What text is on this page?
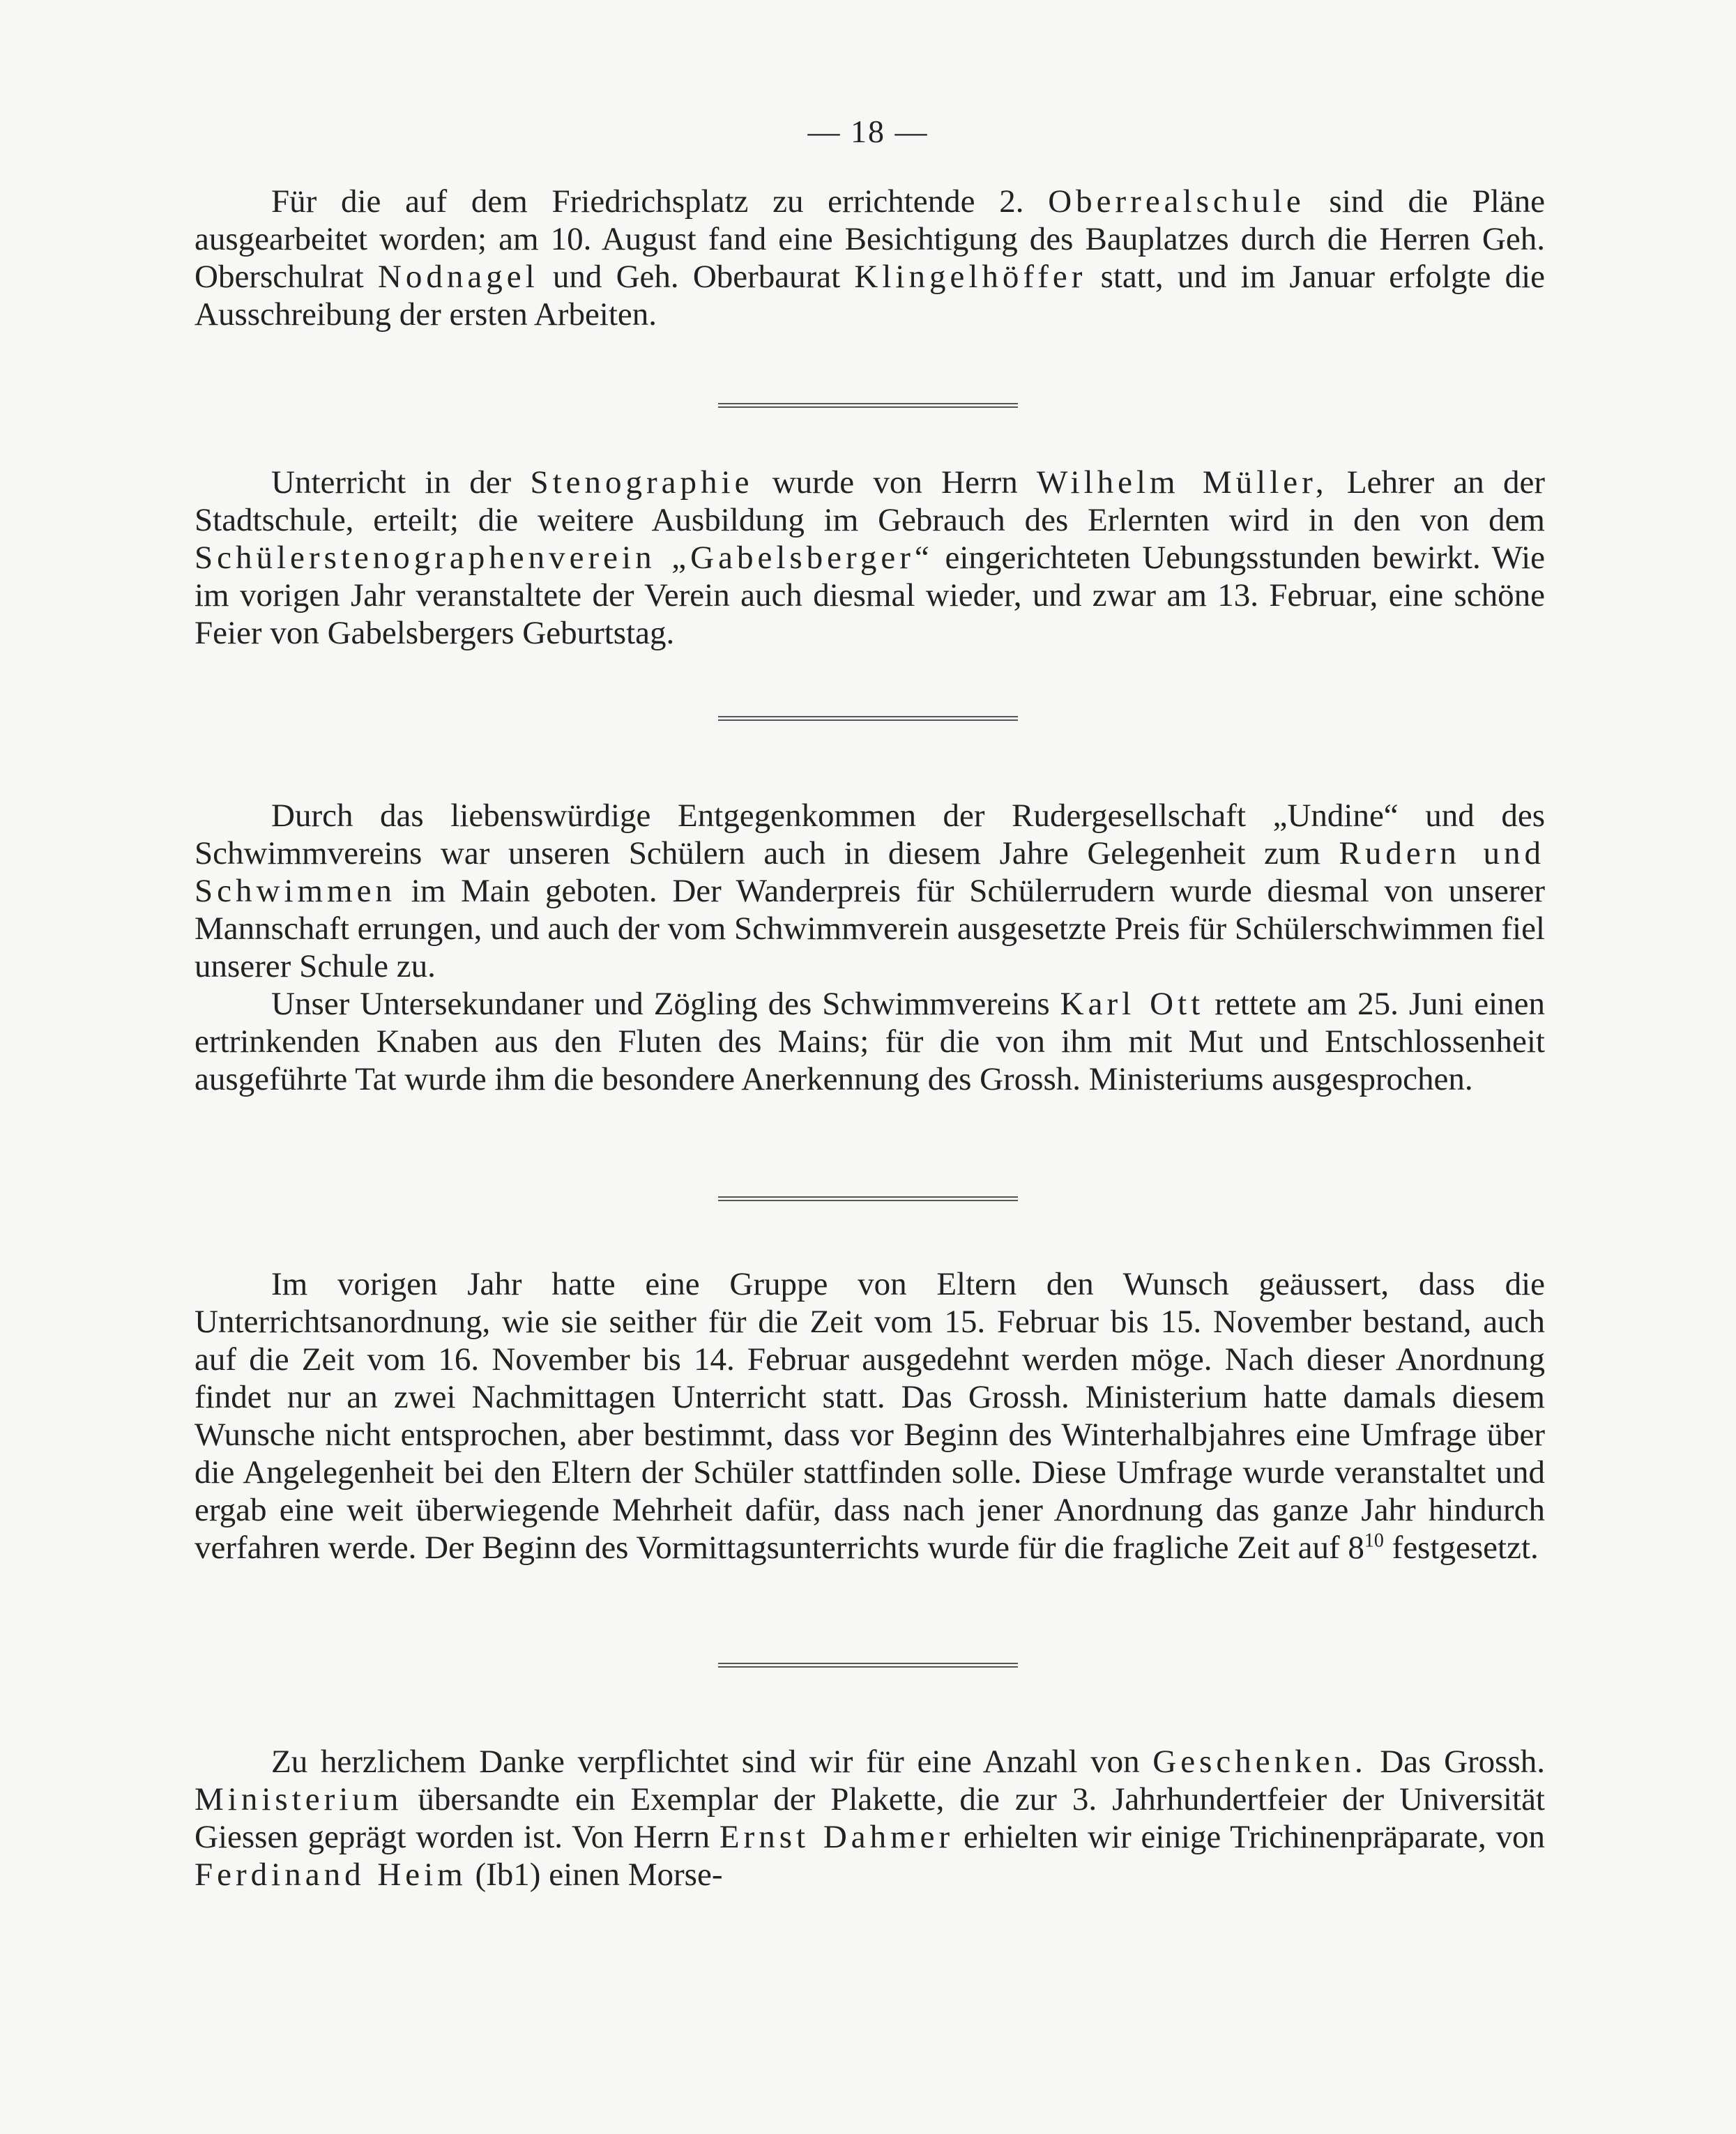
— 18 —

Für die auf dem Friedrichsplatz zu errichtende 2. Oberrealschule sind die Pläne ausgearbeitet worden; am 10. August fand eine Besichtigung des Bauplatzes durch die Herren Geh. Oberschulrat Nodnagel und Geh. Oberbaurat Klingelhöffer statt, und im Januar erfolgte die Ausschreibung der ersten Arbeiten.

Unterricht in der Stenographie wurde von Herrn Wilhelm Müller, Lehrer an der Stadtschule, erteilt; die weitere Ausbildung im Gebrauch des Erlernten wird in den von dem Schülerstenographenverein „Gabelsberger“ eingerichteten Uebungsstunden bewirkt. Wie im vorigen Jahr veranstaltete der Verein auch diesmal wieder, und zwar am 13. Februar, eine schöne Feier von Gabelsbergers Geburtstag.

Durch das liebenswürdige Entgegenkommen der Rudergesellschaft „Undine“ und des Schwimmvereins war unseren Schülern auch in diesem Jahre Gelegenheit zum Rudern und Schwimmen im Main geboten. Der Wanderpreis für Schülerrudern wurde diesmal von unserer Mannschaft errungen, und auch der vom Schwimmverein ausgesetzte Preis für Schülerschwimmen fiel unserer Schule zu.

Unser Untersekundaner und Zögling des Schwimmvereins Karl Ott rettete am 25. Juni einen ertrinkenden Knaben aus den Fluten des Mains; für die von ihm mit Mut und Entschlossenheit ausgeführte Tat wurde ihm die besondere Anerkennung des Grossh. Ministeriums ausgesprochen.

Im vorigen Jahr hatte eine Gruppe von Eltern den Wunsch geäussert, dass die Unterrichtsanordnung, wie sie seither für die Zeit vom 15. Februar bis 15. November bestand, auch auf die Zeit vom 16. November bis 14. Februar ausgedehnt werden möge. Nach dieser Anordnung findet nur an zwei Nachmittagen Unterricht statt. Das Grossh. Ministerium hatte damals diesem Wunsche nicht entsprochen, aber bestimmt, dass vor Beginn des Winterhalbjahres eine Umfrage über die Angelegenheit bei den Eltern der Schüler stattfinden solle. Diese Umfrage wurde veranstaltet und ergab eine weit überwiegende Mehrheit dafür, dass nach jener Anordnung das ganze Jahr hindurch verfahren werde. Der Beginn des Vormittagsunterrichts wurde für die fragliche Zeit auf $8^{10}$ festgesetzt.

Zu herzlichem Danke verpflichtet sind wir für eine Anzahl von Geschenken. Das Grossh. Ministerium übersandte ein Exemplar der Plakette, die zur 3. Jahrhundertfeier der Universität Giessen geprägt worden ist. Von Herrn Ernst Dahmer erhielten wir einige Trichinenpräparate, von Ferdinand Heim (Ib1) einen Morse-
